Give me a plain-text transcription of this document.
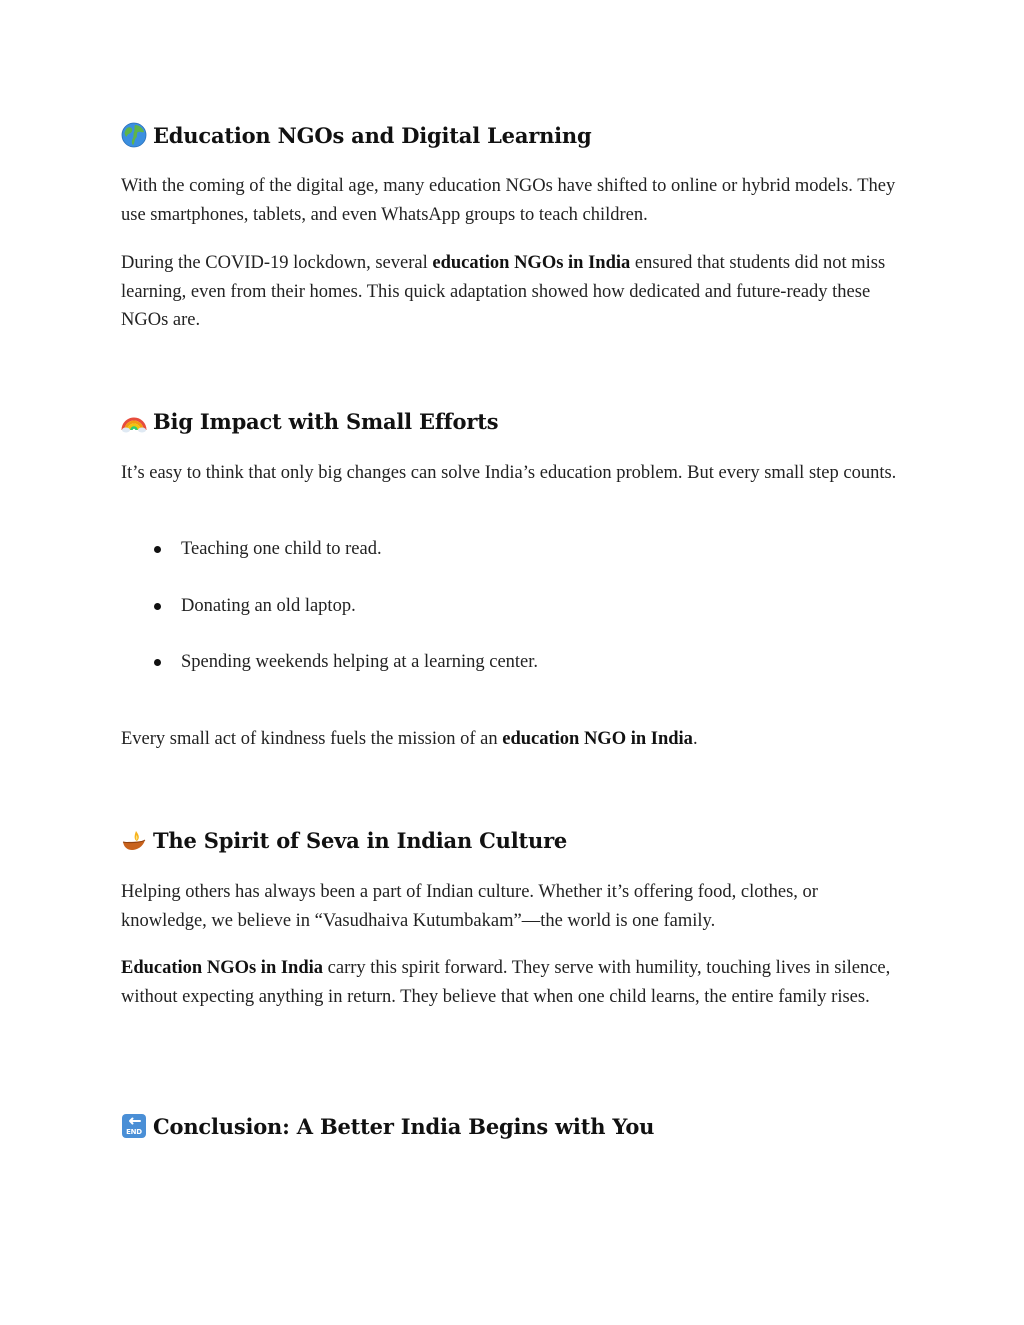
Education NGOs and Digital Learning

With the coming of the digital age, many education NGOs have shifted to online or hybrid models. They use smartphones, tablets, and even WhatsApp groups to teach children.

During the COVID-19 lockdown, several education NGOs in India ensured that students did not miss learning, even from their homes. This quick adaptation showed how dedicated and future-ready these NGOs are.

Big Impact with Small Efforts

It’s easy to think that only big changes can solve India’s education problem. But every small step counts.

Teaching one child to read.
Donating an old laptop.
Spending weekends helping at a learning center.

Every small act of kindness fuels the mission of an education NGO in India.

The Spirit of Seva in Indian Culture

Helping others has always been a part of Indian culture. Whether it’s offering food, clothes, or knowledge, we believe in “Vasudhaiva Kutumbakam”—the world is one family.

Education NGOs in India carry this spirit forward. They serve with humility, touching lives in silence, without expecting anything in return. They believe that when one child learns, the entire family rises.

END Conclusion: A Better India Begins with You
